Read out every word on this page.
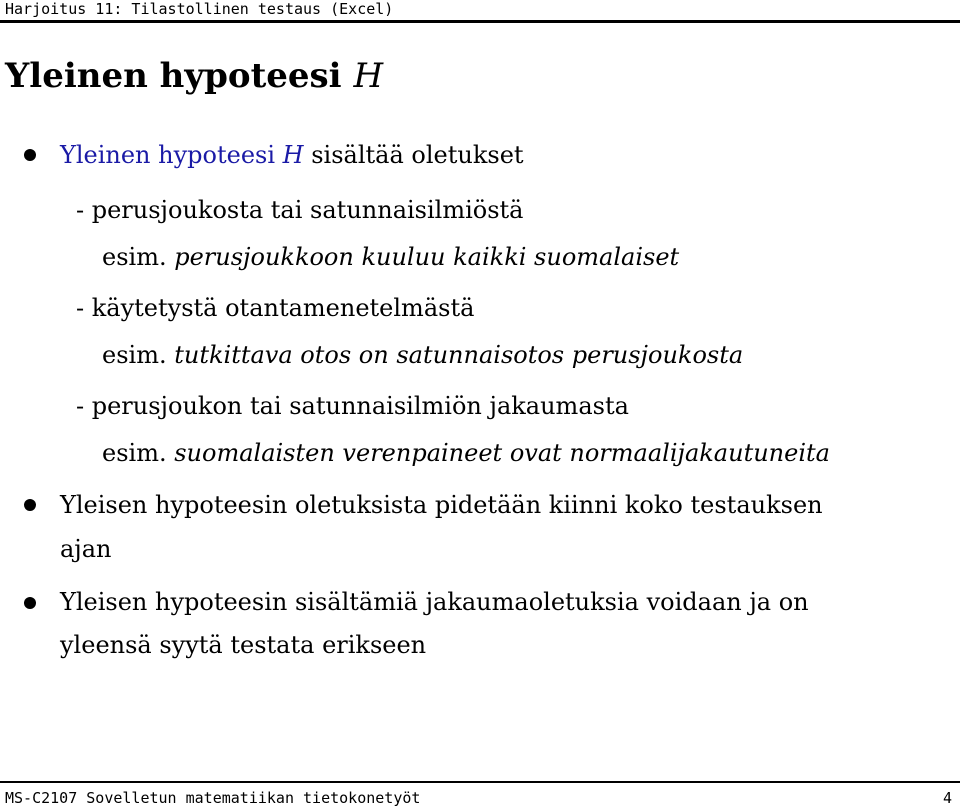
Harjoitus 11: Tilastollinen testaus (Excel)
Yleinen hypoteesi H
Yleinen hypoteesi H sisältää oletukset
- perusjoukosta tai satunnaisilmiöstä
esim. perusjoukkoon kuuluu kaikki suomalaiset
- käytetystä otantamenetelmästä
esim. tutkittava otos on satunnaisotos perusjoukosta
- perusjoukon tai satunnaisilmiön jakaumasta
esim. suomalaisten verenpaineet ovat normaalijakautuneita
Yleisen hypoteesin oletuksista pidetään kiinni koko testauksen
ajan
Yleisen hypoteesin sisältämiä jakaumaoletuksia voidaan ja on
yleensä syytä testata erikseen
MS-C2107 Sovelletun matematiikan tietokonetyöt	4
